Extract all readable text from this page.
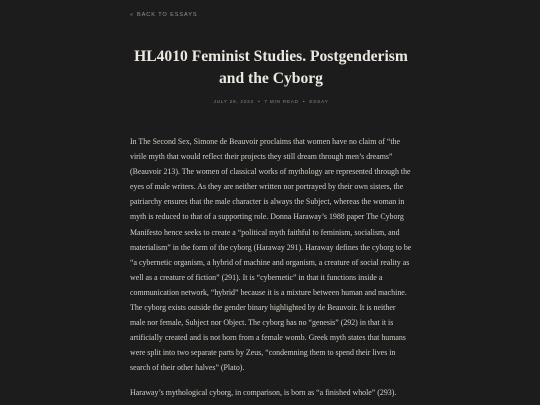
« BACK TO ESSAYS
HL4010 Feminist Studies. Postgenderism and the Cyborg
JULY 28, 2024 • 7 MIN READ • ESSAY

In The Second Sex, Simone de Beauvoir proclaims that women have no claim of “the virile myth that would reflect their projects they still dream through men’s dreams” (Beauvoir 213). The women of classical works of mythology are represented through the eyes of male writers. As they are neither written nor portrayed by their own sisters, the patriarchy ensures that the male character is always the Subject, whereas the woman in myth is reduced to that of a supporting role. Donna Haraway’s 1988 paper The Cyborg Manifesto hence seeks to create a “political myth faithful to feminism, socialism, and materialism” in the form of the cyborg (Haraway 291). Haraway defines the cyborg to be “a cybernetic organism, a hybrid of machine and organism, a creature of social reality as well as a creature of fiction” (291). It is “cybernetic” in that it functions inside a communication network, “hybrid” because it is a mixture between human and machine. The cyborg exists outside the gender binary highlighted by de Beauvoir. It is neither male nor female, Subject nor Object. The cyborg has no “genesis” (292) in that it is artificially created and is not born from a female womb. Greek myth states that humans were split into two separate parts by Zeus, “condemning them to spend their lives in search of their other halves” (Plato).

Haraway’s mythological cyborg, in comparison, is born as “a finished whole” (293).
